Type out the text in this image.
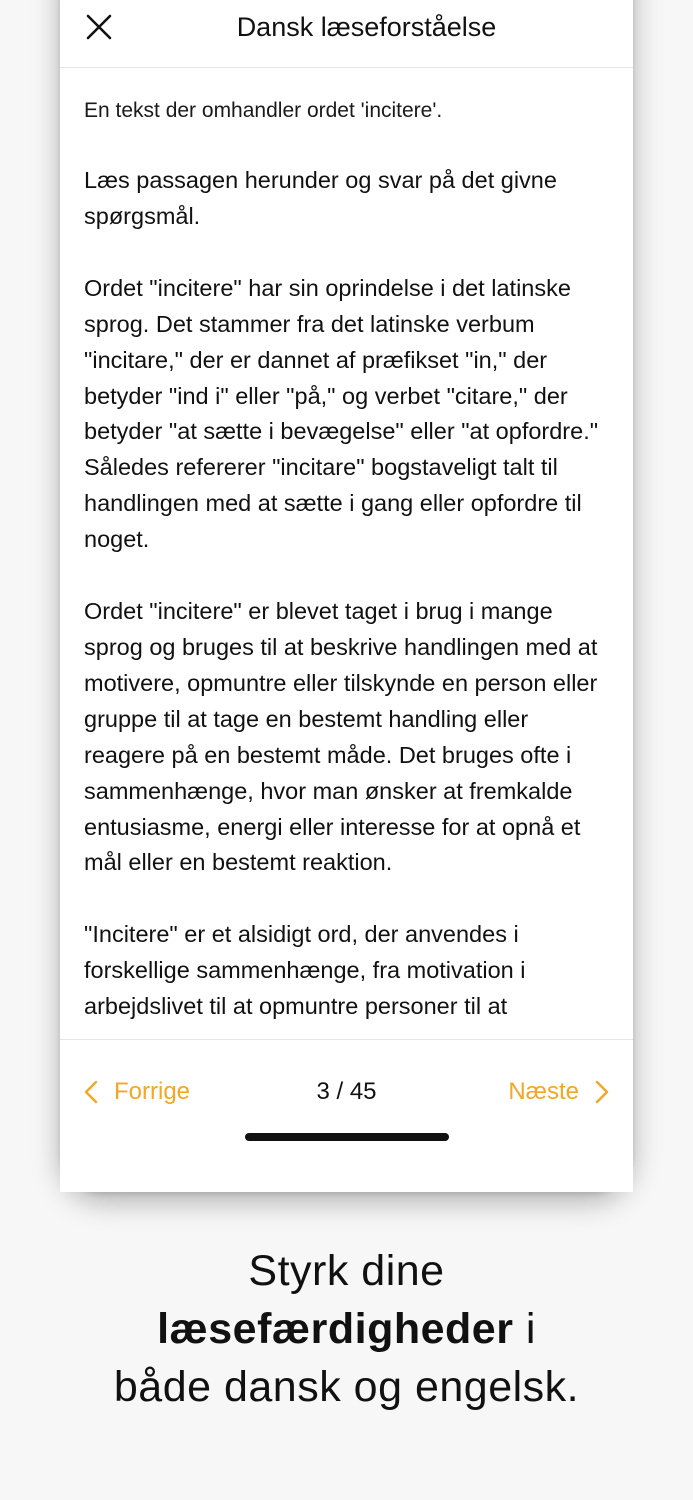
Dansk læseforståelse

En tekst der omhandler ordet 'incitere'.

Læs passagen herunder og svar på det givne spørgsmål.

Ordet "incitere" har sin oprindelse i det latinske sprog. Det stammer fra det latinske verbum "incitare," der er dannet af præfikset "in," der betyder "ind i" eller "på," og verbet "citare," der betyder "at sætte i bevægelse" eller "at opfordre." Således refererer "incitare" bogstaveligt talt til handlingen med at sætte i gang eller opfordre til noget.

Ordet "incitere" er blevet taget i brug i mange sprog og bruges til at beskrive handlingen med at motivere, opmuntre eller tilskynde en person eller gruppe til at tage en bestemt handling eller reagere på en bestemt måde. Det bruges ofte i sammenhænge, hvor man ønsker at fremkalde entusiasme, energi eller interesse for at opnå et mål eller en bestemt reaktion.

"Incitere" er et alsidigt ord, der anvendes i forskellige sammenhænge, fra motivation i arbejdslivet til at opmuntre personer til at

Forrige	3 / 45	Næste
Styrk dine
læsefærdigheder i
både dansk og engelsk.
